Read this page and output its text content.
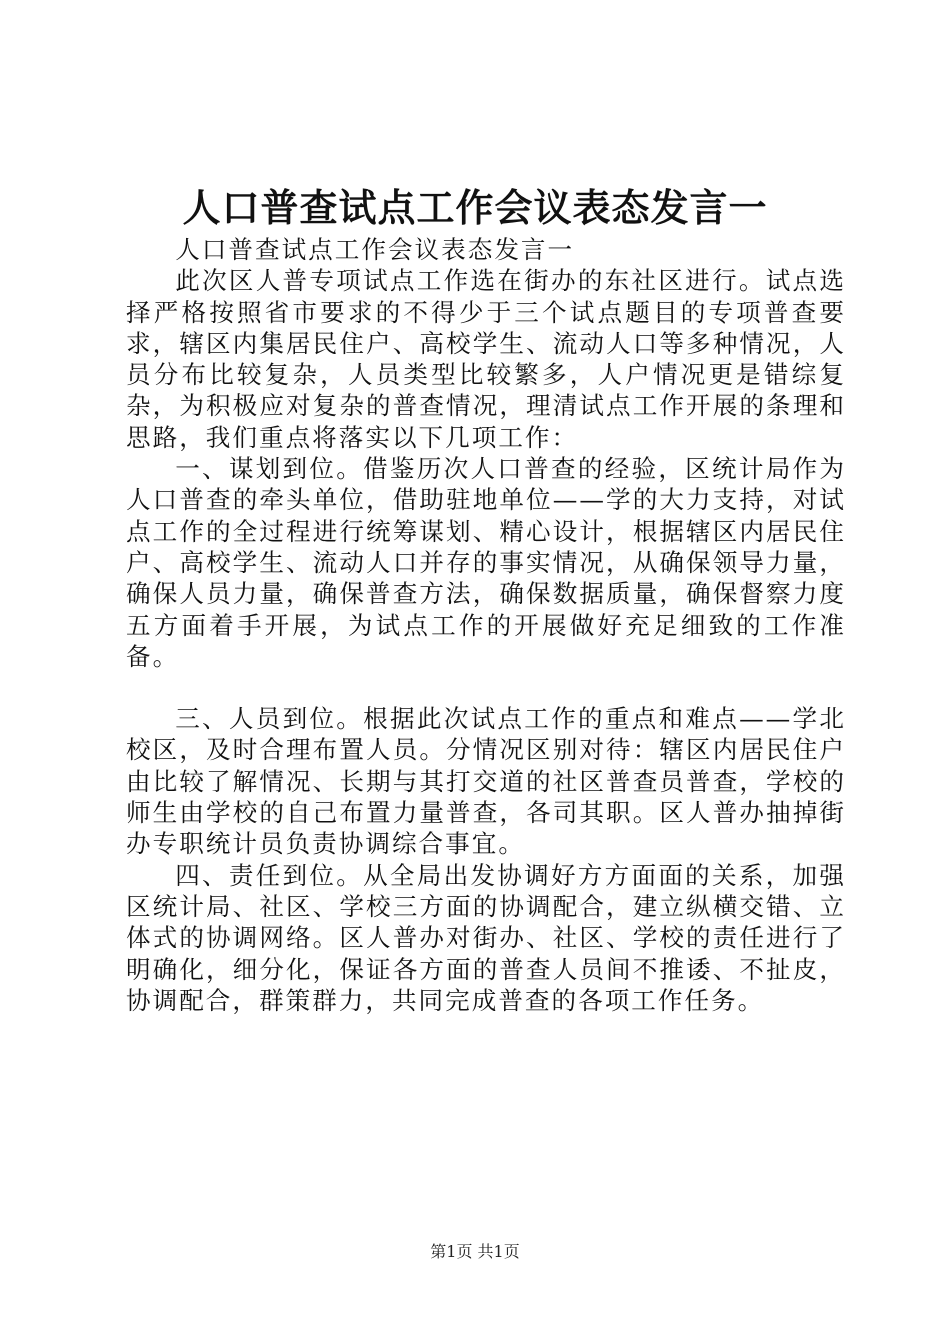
人口普查试点工作会议表态发言一

人口普查试点工作会议表态发言一

此次区人普专项试点工作选在街办的东社区进行。试点选择严格按照省市要求的不得少于三个试点题目的专项普查要求，辖区内集居民住户、高校学生、流动人口等多种情况，人员分布比较复杂，人员类型比较繁多，人户情况更是错综复杂，为积极应对复杂的普查情况，理清试点工作开展的条理和思路，我们重点将落实以下几项工作：

一、谋划到位。借鉴历次人口普查的经验，区统计局作为人口普查的牵头单位，借助驻地单位——学的大力支持，对试点工作的全过程进行统筹谋划、精心设计，根据辖区内居民住户、高校学生、流动人口并存的事实情况，从确保领导力量，确保人员力量，确保普查方法，确保数据质量，确保督察力度五方面着手开展，为试点工作的开展做好充足细致的工作准备。

三、人员到位。根据此次试点工作的重点和难点——学北校区，及时合理布置人员。分情况区别对待：辖区内居民住户由比较了解情况、长期与其打交道的社区普查员普查，学校的师生由学校的自己布置力量普查，各司其职。区人普办抽掉街办专职统计员负责协调综合事宜。

四、责任到位。从全局出发协调好方方面面的关系，加强区统计局、社区、学校三方面的协调配合，建立纵横交错、立体式的协调网络。区人普办对街办、社区、学校的责任进行了明确化，细分化，保证各方面的普查人员间不推诿、不扯皮，协调配合，群策群力，共同完成普查的各项工作任务。

第1页 共1页
